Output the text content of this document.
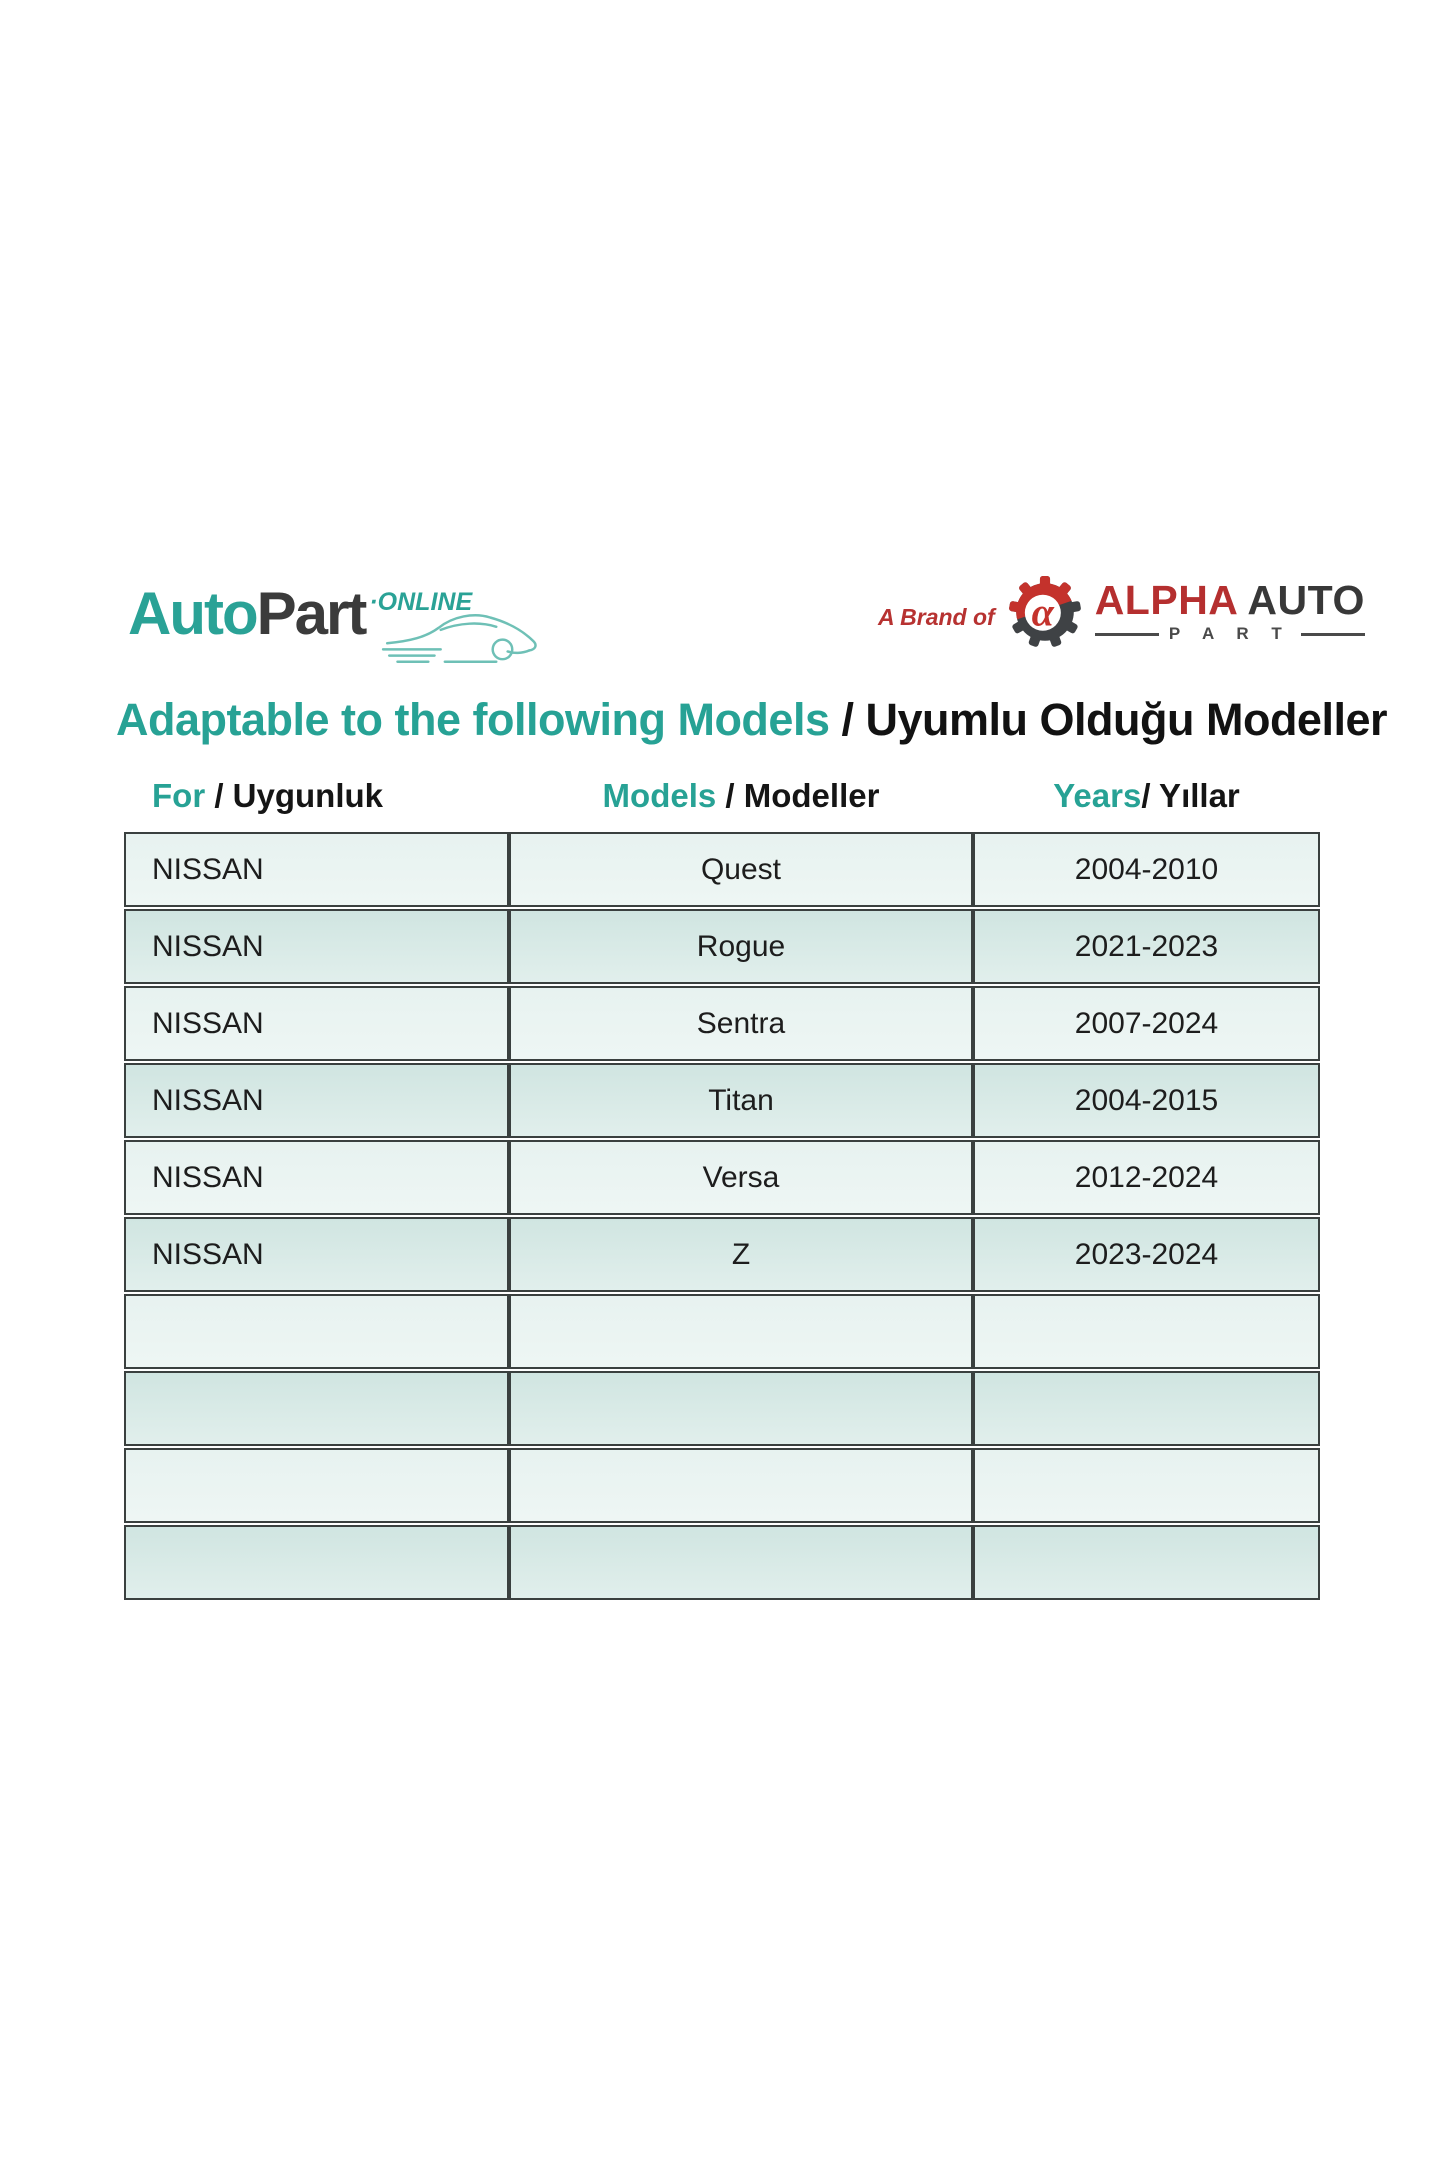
AutoPart $^{\cdot ONLINE}$
A Brand of α ALPHA AUTO
P A R T
Adaptable to the following Models / Uyumlu Olduğu Modeller
For / Uygunluk	Models / Modeller	Years/ Yıllar
NISSAN	Quest	2004-2010
NISSAN	Rogue	2021-2023
NISSAN	Sentra	2007-2024
NISSAN	Titan	2004-2015
NISSAN	Versa	2012-2024
NISSAN	Z	2023-2024
